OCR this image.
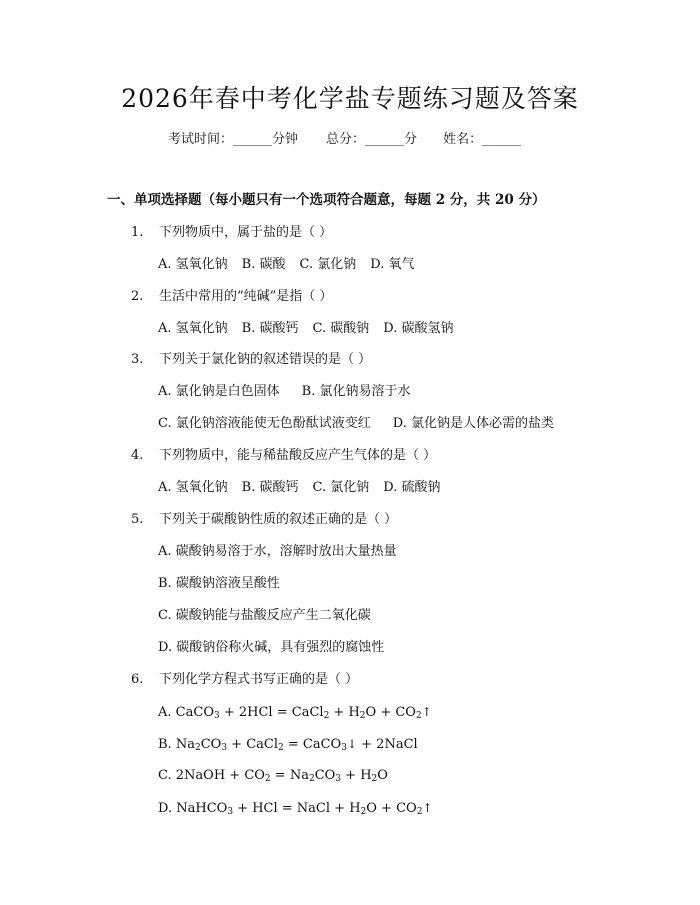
2026年春中考化学盐专题练习题及答案
考试时间：______分钟 总分：______分 姓名：______
一、单项选择题（每小题只有一个选项符合题意，每题 2 分，共 20 分）
1. 下列物质中，属于盐的是（ ）
A. 氢氧化钠 B. 碳酸 C. 氯化钠 D. 氧气
2. 生活中常用的“纯碱”是指（ ）
A. 氢氧化钠 B. 碳酸钙 C. 碳酸钠 D. 碳酸氢钠
3. 下列关于氯化钠的叙述错误的是（ ）
A. 氯化钠是白色固体 B. 氯化钠易溶于水
C. 氯化钠溶液能使无色酚酞试液变红 D. 氯化钠是人体必需的盐类
4. 下列物质中，能与稀盐酸反应产生气体的是（ ）
A. 氢氧化钠 B. 碳酸钙 C. 氯化钠 D. 硫酸钠
5. 下列关于碳酸钠性质的叙述正确的是（ ）
A. 碳酸钠易溶于水，溶解时放出大量热量
B. 碳酸钠溶液呈酸性
C. 碳酸钠能与盐酸反应产生二氧化碳
D. 碳酸钠俗称火碱，具有强烈的腐蚀性
6. 下列化学方程式书写正确的是（ ）
A. CaCO$_3$ + 2HCl = CaCl$_2$ + $H_2O$ + $CO_2↑$
B. $Na_2CO_3$ + CaCl$_2$ = CaCO$_3$↓ + 2NaCl
C. 2NaOH + $CO_2 = Na_2CO_3 + H_2O$
D. NaHCO$_3$ + HCl = NaCl + $H_2O$ + $CO_2↑$
